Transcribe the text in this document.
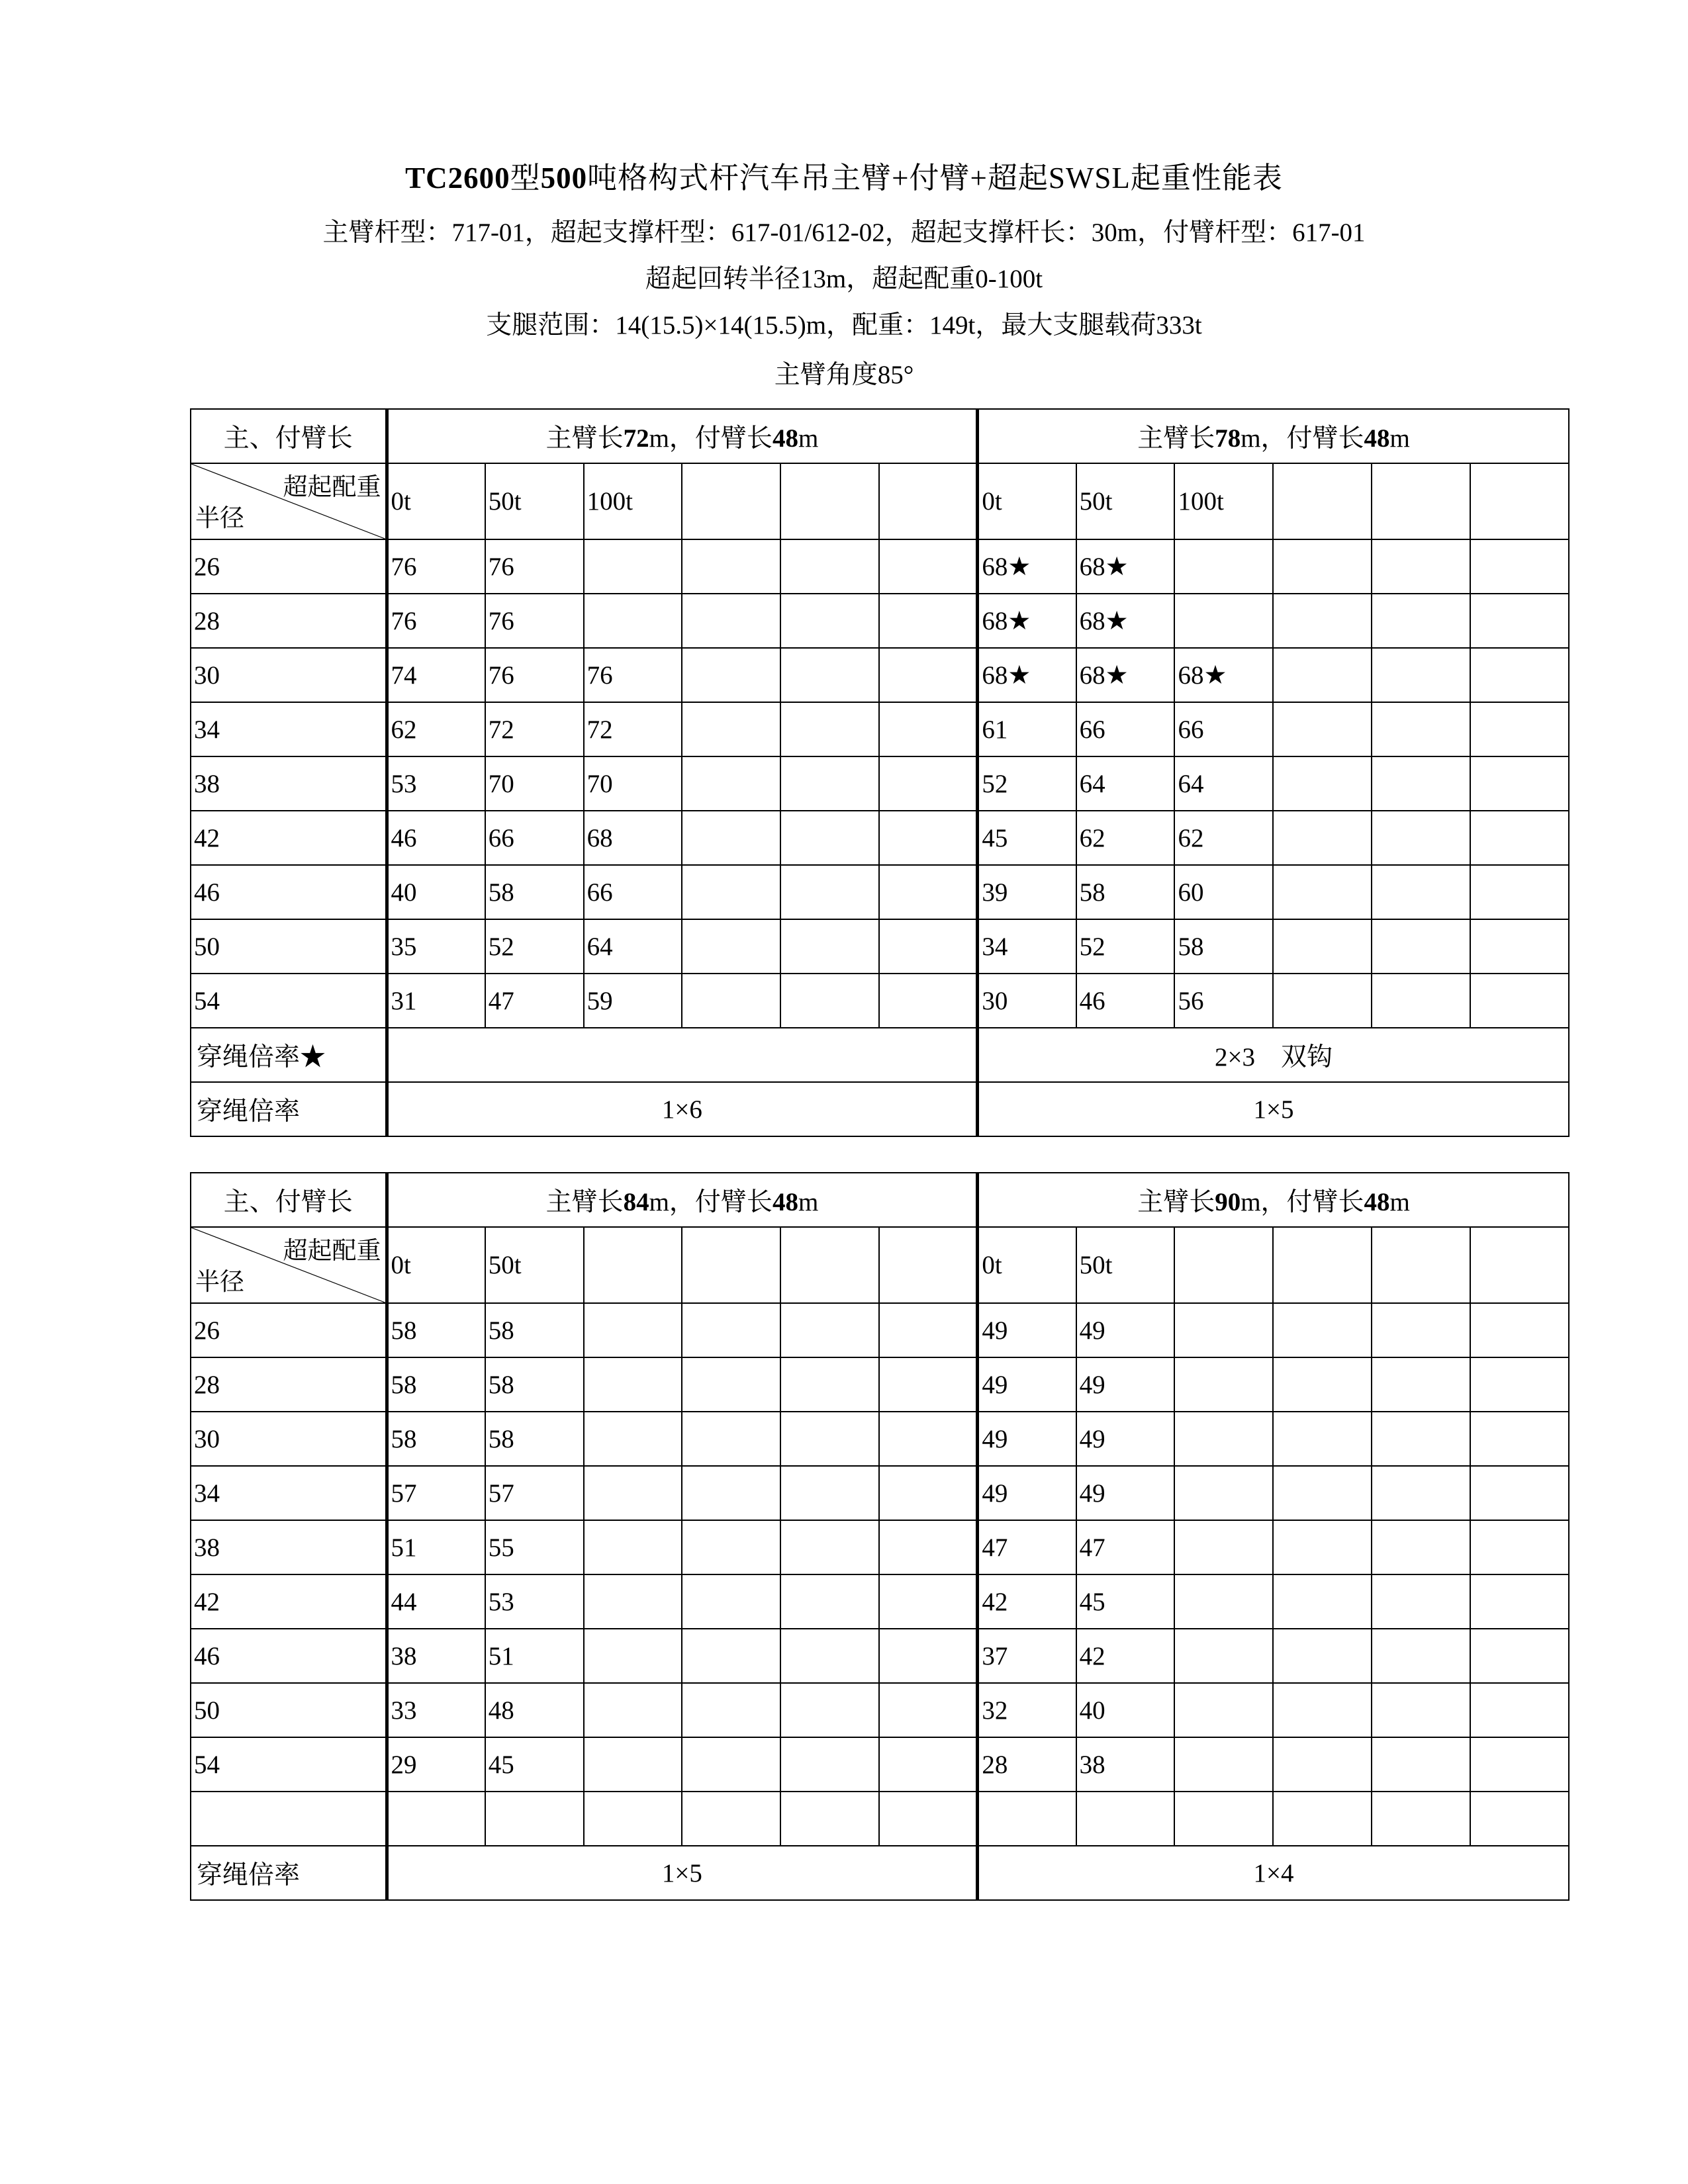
TC2600型500吨格构式杆汽车吊主臂+付臂+超起SWSL起重性能表
主臂杆型：717-01，超起支撑杆型：617-01/612-02，超起支撑杆长：30m，付臂杆型：617-01
超起回转半径13m，超起配重0-100t
支腿范围：14(15.5)×14(15.5)m，配重：149t，最大支腿载荷333t
主臂角度85°
主、付臂长	主臂长72m，付臂长48m						主臂长78m，付臂长48m					

超起配重
半径	0t	50t	100t				0t	50t	100t			
26	76	76					68★	68★				
28	76	76					68★	68★				
30	74	76	76				68★	68★	68★			
34	62	72	72				61	66	66			
38	53	70	70				52	64	64			
42	46	66	68				45	62	62			
46	40	58	66				39	58	60			
50	35	52	64				34	52	58			
54	31	47	59				30	46	56			
穿绳倍率★							2×3　双钩					
穿绳倍率	1×6						1×5					
主、付臂长	主臂长84m，付臂长48m						主臂长90m，付臂长48m					

超起配重
半径	0t	50t					0t	50t				
26	58	58					49	49				
28	58	58					49	49				
30	58	58					49	49				
34	57	57					49	49				
38	51	55					47	47				
42	44	53					42	45				
46	38	51					37	42				
50	33	48					32	40				
54	29	45					28	38				

穿绳倍率	1×5						1×4					
